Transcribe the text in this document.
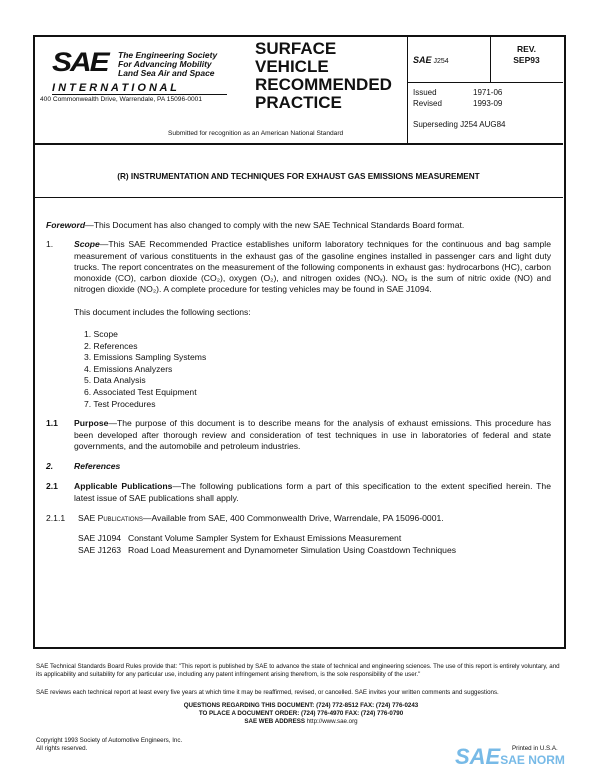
SAE The Engineering Society
For Advancing Mobility
Land Sea Air and Space
I N T E R N A T I O N A L
400 Commonwealth Drive, Warrendale, PA 15096-0001
SURFACE
VEHICLE
RECOMMENDED
PRACTICE
Submitted for recognition as an American National Standard
SAE J254
REV.
SEP93
Issued	1971-06
Revised	1993-09
Superseding J254 AUG84
(R) INSTRUMENTATION AND TECHNIQUES FOR EXHAUST GAS EMISSIONS MEASUREMENT
Foreword—This Document has also changed to comply with the new SAE Technical Standards Board format.
1.	Scope—This SAE Recommended Practice establishes uniform laboratory techniques for the continuous and bag sample measurement of various constituents in the exhaust gas of the gasoline engines installed in passenger cars and light duty trucks. The report concentrates on the measurement of the following components in exhaust gas: hydrocarbons (HC), carbon monoxide (CO), carbon dioxide (CO₂), oxygen (O₂), and nitrogen oxides (NOₓ). NOₓ is the sum of nitric oxide (NO) and nitrogen dioxide (NO₂). A complete procedure for testing vehicles may be found in SAE J1094.
This document includes the following sections:
1. Scope
2. References
3. Emissions Sampling Systems
4. Emissions Analyzers
5. Data Analysis
6. Associated Test Equipment
7. Test Procedures
1.1	Purpose—The purpose of this document is to describe means for the analysis of exhaust emissions. This procedure has been developed after thorough review and consideration of test techniques in use in laboratories of federal and state governments, and the automobile and petroleum industries.
2.	References
2.1	Applicable Publications—The following publications form a part of this specification to the extent specified herein. The latest issue of SAE publications shall apply.
2.1.1	SAE Publications—Available from SAE, 400 Commonwealth Drive, Warrendale, PA 15096-0001.
SAE J1094 Constant Volume Sampler System for Exhaust Emissions Measurement
SAE J1263 Road Load Measurement and Dynamometer Simulation Using Coastdown Techniques
SAE Technical Standards Board Rules provide that: "This report is published by SAE to advance the state of technical and engineering sciences. The use of this report is entirely voluntary, and its applicability and suitability for any particular use, including any patent infringement arising therefrom, is the sole responsibility of the user."
SAE reviews each technical report at least every five years at which time it may be reaffirmed, revised, or cancelled. SAE invites your written comments and suggestions.
QUESTIONS REGARDING THIS DOCUMENT: (724) 772-8512 FAX: (724) 776-0243
TO PLACE A DOCUMENT ORDER: (724) 776-4970 FAX: (724) 776-0790
SAE WEB ADDRESS http://www.sae.org
Copyright 1993 Society of Automotive Engineers, Inc.
All rights reserved.	Printed in U.S.A.
SAESAE NORM
